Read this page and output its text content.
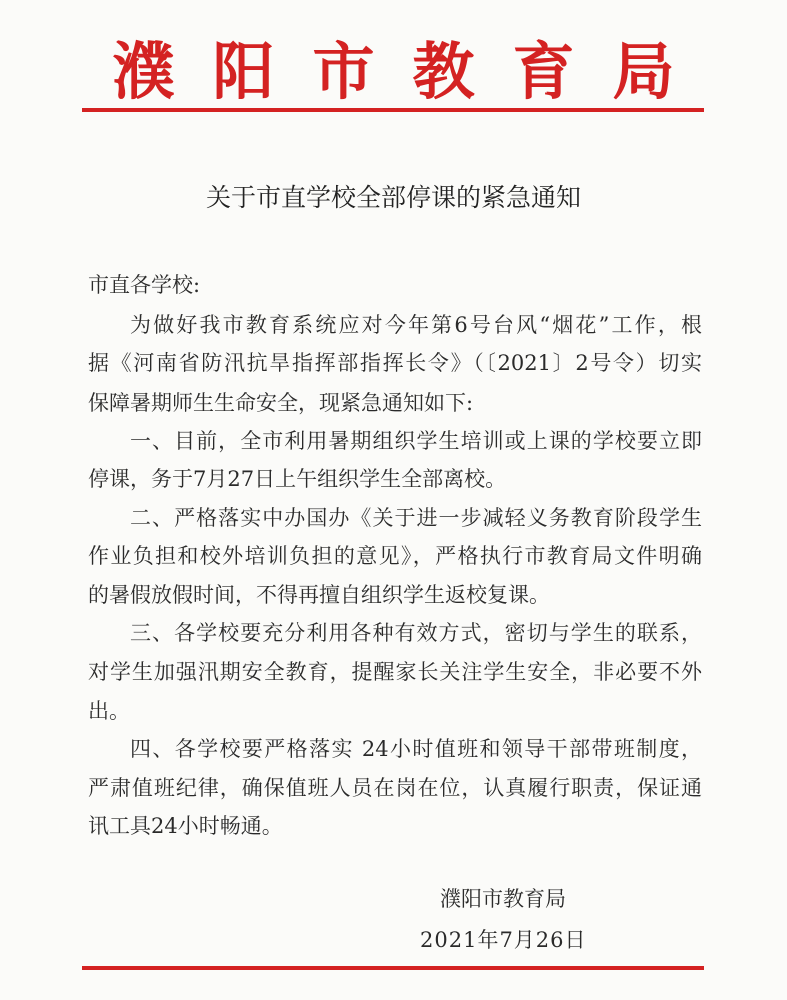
濮阳市教育局
关于市直学校全部停课的紧急通知
市直各学校:
为做好我市教育系统应对今年第6号台风“烟花”工作，根
据《河南省防汛抗旱指挥部指挥长令》（〔2021〕2号令）切实
保障暑期师生生命安全，现紧急通知如下:
一、目前，全市利用暑期组织学生培训或上课的学校要立即
停课，务于7月27日上午组织学生全部离校。
二、严格落实中办国办《关于进一步减轻义务教育阶段学生
作业负担和校外培训负担的意见》，严格执行市教育局文件明确
的暑假放假时间，不得再擅自组织学生返校复课。
三、各学校要充分利用各种有效方式，密切与学生的联系，
对学生加强汛期安全教育，提醒家长关注学生安全，非必要不外
出。
四、各学校要严格落实 24小时值班和领导干部带班制度，
严肃值班纪律，确保值班人员在岗在位，认真履行职责，保证通
讯工具24小时畅通。
濮阳市教育局
2021年7月26日
